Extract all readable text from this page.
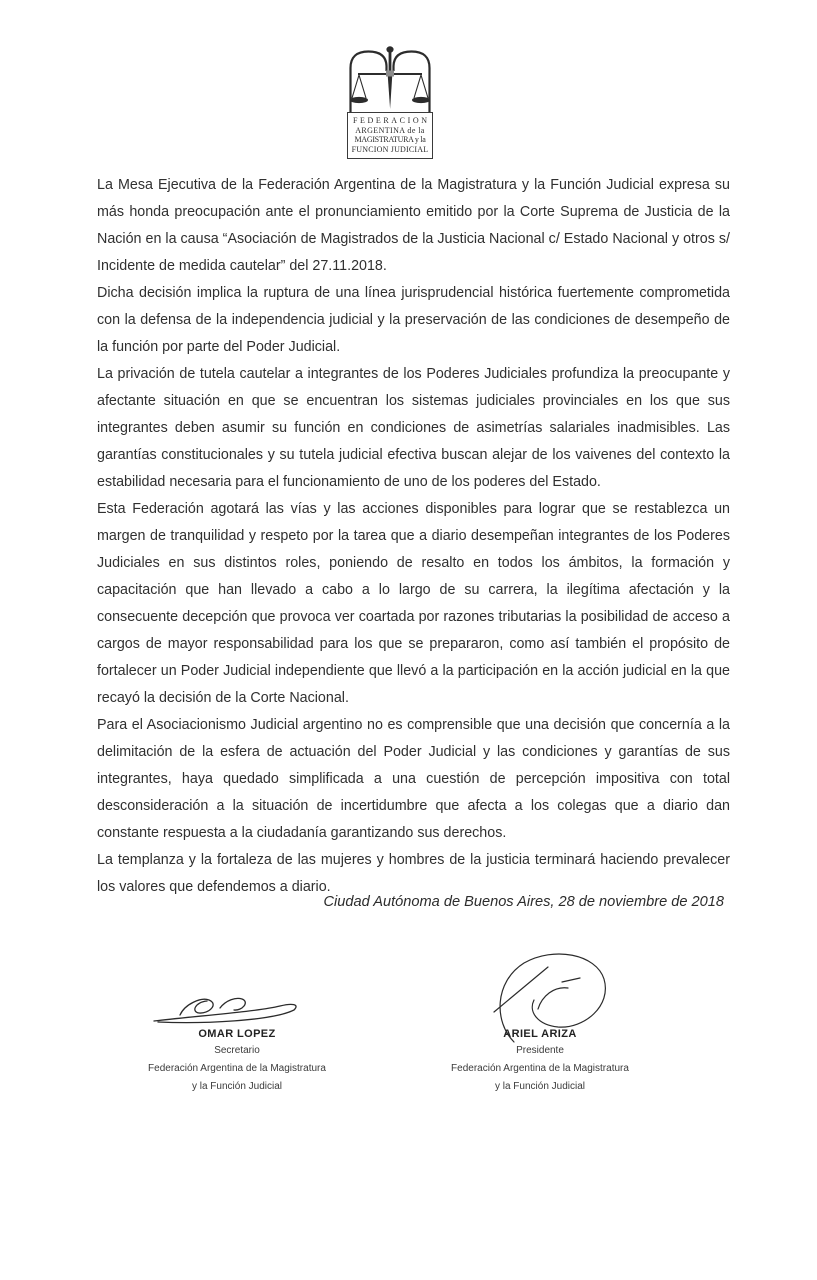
FEDERACION
ARGENTINA de la
MAGISTRATURA y la
FUNCION JUDICIAL

La Mesa Ejecutiva de la Federación Argentina de la Magistratura y la Función Judicial expresa su más honda preocupación ante el pronunciamiento emitido por la Corte Suprema de Justicia de la Nación en la causa “Asociación de Magistrados de la Justicia Nacional c/ Estado Nacional y otros s/ Incidente de medida cautelar” del 27.11.2018.

Dicha decisión implica la ruptura de una línea jurisprudencial histórica fuertemente comprometida con la defensa de la independencia judicial y la preservación de las condiciones de desempeño de la función por parte del Poder Judicial.

La privación de tutela cautelar a integrantes de los Poderes Judiciales profundiza la preocupante y afectante situación en que se encuentran los sistemas judiciales provinciales en los que sus integrantes deben asumir su función en condiciones de asimetrías salariales inadmisibles. Las garantías constitucionales y su tutela judicial efectiva buscan alejar de los vaivenes del contexto la estabilidad necesaria para el funcionamiento de uno de los poderes del Estado.

Esta Federación agotará las vías y las acciones disponibles para lograr que se restablezca un margen de tranquilidad y respeto por la tarea que a diario desempeñan integrantes de los Poderes Judiciales en sus distintos roles, poniendo de resalto en todos los ámbitos, la formación y capacitación que han llevado a cabo a lo largo de su carrera, la ilegítima afectación y la consecuente decepción que provoca ver coartada por razones tributarias la posibilidad de acceso a cargos de mayor responsabilidad para los que se prepararon, como así también el propósito de fortalecer un Poder Judicial independiente que llevó a la participación en la acción judicial en la que recayó la decisión de la Corte Nacional.

Para el Asociacionismo Judicial argentino no es comprensible que una decisión que concernía a la delimitación de la esfera de actuación del Poder Judicial y las condiciones y garantías de sus integrantes, haya quedado simplificada a una cuestión de percepción impositiva con total desconsideración a la situación de incertidumbre que afecta a los colegas que a diario dan constante respuesta a la ciudadanía garantizando sus derechos.

La templanza y la fortaleza de las mujeres y hombres de la justicia terminará haciendo prevalecer los valores que defendemos a diario.

Ciudad Autónoma de Buenos Aires, 28 de noviembre de 2018
OMAR LOPEZ
Secretario
Federación Argentina de la Magistratura
y la Función Judicial
ARIEL ARIZA
Presidente
Federación Argentina de la Magistratura
y la Función Judicial
